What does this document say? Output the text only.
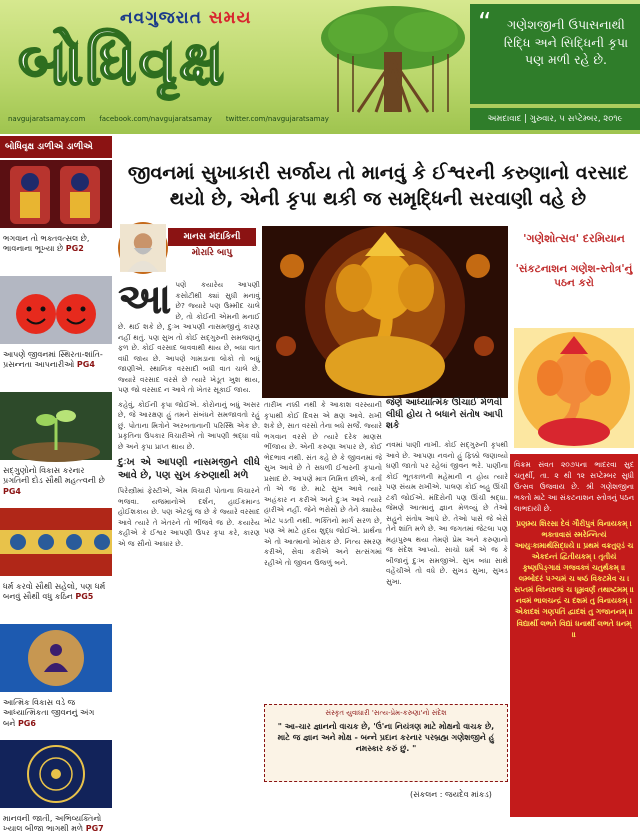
નવગુજરાત સમય
બોધિવૃક્ષ
“	ગણેશજીની ઉપાસનાથી રિદ્ધિ અને સિદ્ધિની કૃપા પણ મળી રહે છે.
navgujaratsamay.com facebook.com/navgujaratsamay twitter.com/navgujaratsamay	અમદાવાદ | ગુરુવાર, ૫ સપ્ટેમ્બર, ૨૦૧૯
બોધિવૃક્ષ ડાળીએ ડાળીએ
ભગવાન તો ભક્તવત્સલ છે, ભાવનાના ભૂખ્યા છે PG2
આપણે જીવનમાં સ્થિરતા-શાંતિ-પ્રસન્નતા આપનારીઓ PG4
સદ્ગુણોનો વિકાસ કરનાર પ્રગતિની દોડ સૌથી મહત્ત્વની છે PG4
ધર્મ કરવો સૌથી સહેલો, પણ ધર્મ બનવું સૌથી વધુ કઠિન PG5
આત્મિક વિકાસ વડે જ આધ્યાત્મિકતા જીવનનું અંગ બને PG6
માનવની જાતી, અભિવ્યક્તિનો ખ્યાલ બીજા ભાગથી મળે PG7
જીવનમાં સુખાકારી સર્જાય તો માનવું કે ઈશ્વરની કરુણાનો વરસાદ થયો છે, એની કૃપા થકી જ સમૃદ્ધિની સરવાણી વહે છે
માનસ મંદાકિની
મોરારિ બાપુ
આ પણે કયારેય આપણી કસોટીથી ક્યાં સુધી મનાવું છે? જ્યારે પણ ઉમ્મીદ ચાલે છે, તો કોઈની એમની મનાઈ છે. થઈ શકે છે, દુઃખ આપણી નાસમજીનું કારણ નહીં થતું. પણ સુખ તો કોઈ સદ્ગુરુની સમજણનું ફળ છે. કોઈ વરસાદ લાવવાથી થાય છે, બધા વાત વધી જાય છે. આપણે ગામડાના લોકો તો બધું જાણીએ. સ્થાનિક વરસાદી બધી વાત ચાલે છે. જ્યારે વરસાદ વરસે છે ત્યારે ખેડૂત ખુશ થાય, પણ જો વરસાદ ન આવે તો ખેતર સૂકાઈ જાય.

કહેવું, કોઈની કૃપા જોઈએ. કોરોનાનું બધું અસર છે, જે આરક્ષણ હું તમને સંબંધને સમજાવતો રહું છું. પોતાના મિત્રોને અરબતાનાની પરિસ્થિ એક છે. પ્રકૃતિના ઉપકાર વિચારીએ તો આપણી શ્રદ્ધા વધે છે અને કૃપા પ્રાપ્ત થાય છે.

દુઃખ એ આપણી નાસમજીને લીધે આવે છે, પણ સુખ કરુણાથી મળે

પિરેસ્ત્રીમાં ફેસ્ટીએ, એમ વિચારી પોતાના વિચારને ભજવા. યજમાનોએ દર્શન, હાઈકમાન્ડ હોઈશકાય છે. પણ એટલું જ છે કે જ્યારે વરસાદ આવે ત્યારે તે ખેતરને તો ભીંજવે જ છે. કયારેય કહીએ કે ઈશ્વર આપણી ઉપર કૃપા કરે, કારણ એ જ સૌનો આધાર છે.

તારીખ નક્કી નથી કે આકાશ વરસ્યાની કૃપાથી કોઈ દિવસ એ ક્ષણ આવે. રાખી શકે છે, સાત વરસો તેના બધે સર્જે. જ્યારે ભગવાન વરસે છે ત્યારે દરેક માણસ ભીંજાય છે. એની કરુણા અપાર છે, કોઈ ભેદભાવ નથી. સંત કહે છે કે જીવનમાં જે સુખ આવે છે તે સઘળી ઈશ્વરની કૃપાનો પ્રસાદ છે. આપણે માત્ર નિમિત્ત છીએ, કર્તા તો એ જ છે. માટે સુખ આવે ત્યારે અહંકાર ન કરીએ અને દુઃખ આવે ત્યારે હારીએ નહીં. જેને ભરોસો છે તેને ક્યારેય ખોટ પડતી નથી. ભક્તિનો માર્ગ સરળ છે, પણ એ માટે હૃદય શુદ્ધ જોઈએ. પ્રાર્થના એ તો આત્માનો ખોરાક છે. નિત્ય સ્મરણ કરીએ, સેવા કરીએ અને સત્સંગમાં રહીએ તો જીવન ઉજળું બને.

જેણે આધ્યાત્મિક ઊંચાઈ મેળવી લીધી હોય તે બધાને સંતોષ આપી શકે

નવમાં પાણી નાખી. કોઈ સદ્ગુરુની કૃપથી આવે છે. આપણા નવનો હું ફિક્કો જણાવ્યો ઘણી જાતો પર રહેલાં જીવન ભરે. પાણીના કોઈ ભૂતકાળની મહેમાની ન હોય ત્યારે પણ સંયમ રાખીએ. પાલણ કોઈ બહુ ઊંચી ટકી જોઈએ. મંદિરોની પણ ઊંચી શ્રદ્ધા. જેમણે આત્માનું જ્ઞાન મેળવ્યું છે તેઓ સહુને સંતોષ આપે છે. તેઓ પાસે જે બેસે તેને શાંતિ મળે છે. આ જગતમાં જેટલા પણ મહાપુરુષ થયા તેમણે પ્રેમ અને કરુણાનો જ સંદેશ આપ્યો. સાચો ધર્મ એ જ કે બીજાનું દુઃખ સમજીએ. સુખ બધા સાથે વહેંચીએ તો વધે છે. સુખડ સુખા, સુખડ સુખા.

સંસ્કૃત યુવાધારી 'સત્ય-પ્રેમ-કરુણા'નો સંદેશ
" આ-ચાર જ્ઞાનનો વાચક છે, 'ઉં'ના નિયંત્રણ માટે મોક્ષનો વાચક છે, માટે જ જ્ઞાન અને મોક્ષ - બન્ને પ્રદાન કરનાર પરબ્રહ્મ ગણેશજીને હું નમસ્કાર કરું છું. "
(સંકલન : જયદેવ માંકડ)
'ગણેશોત્સવ' દરમિયાન
'સંકટનાશન ગણેશ-સ્તોત્ર'નું પઠન કરો

વિક્રમ સંવત ૨૦૭૫ના ભાદરવા સુદ ચતુર્થી, તા. ૨ થી ૧૨ સપ્ટેમ્બર સુધી ઉત્સવ ઉજવાય છે. શ્રી ગણેશજીના ભક્તો માટે આ સંકટનાશન સ્તોત્રનું પઠન લાભદાયી છે.

પ્રણમ્ય શિરસા દેવં ગૌરીપુત્રં વિનાયકમ્ । ભક્તાવાસં સ્મરેન્નિત્યં આયુઃકામાર્થસિદ્ધયે ॥ પ્રથમં વક્રતુણ્ડં ચ એકદન્તં દ્વિતીયકમ્ । તૃતીયં કૃષ્ણપિઙ્ગાક્ષં ગજવક્ત્રં ચતુર્થકમ્ ॥ લમ્બોદરં પઞ્ચમં ચ ષષ્ઠં વિકટમેવ ચ । સપ્તમં વિઘ્નરાજં ચ ધૂમ્રવર્ણં તથાષ્ટમમ્ ॥ નવમં ભાલચન્દ્રં ચ દશમં તુ વિનાયકમ્ । એકાદશં ગણપતિં દ્વાદશં તુ ગજાનનમ્ ॥ વિદ્યાર્થી લભતે વિદ્યાં ધનાર્થી લભતે ધનમ્ ॥
